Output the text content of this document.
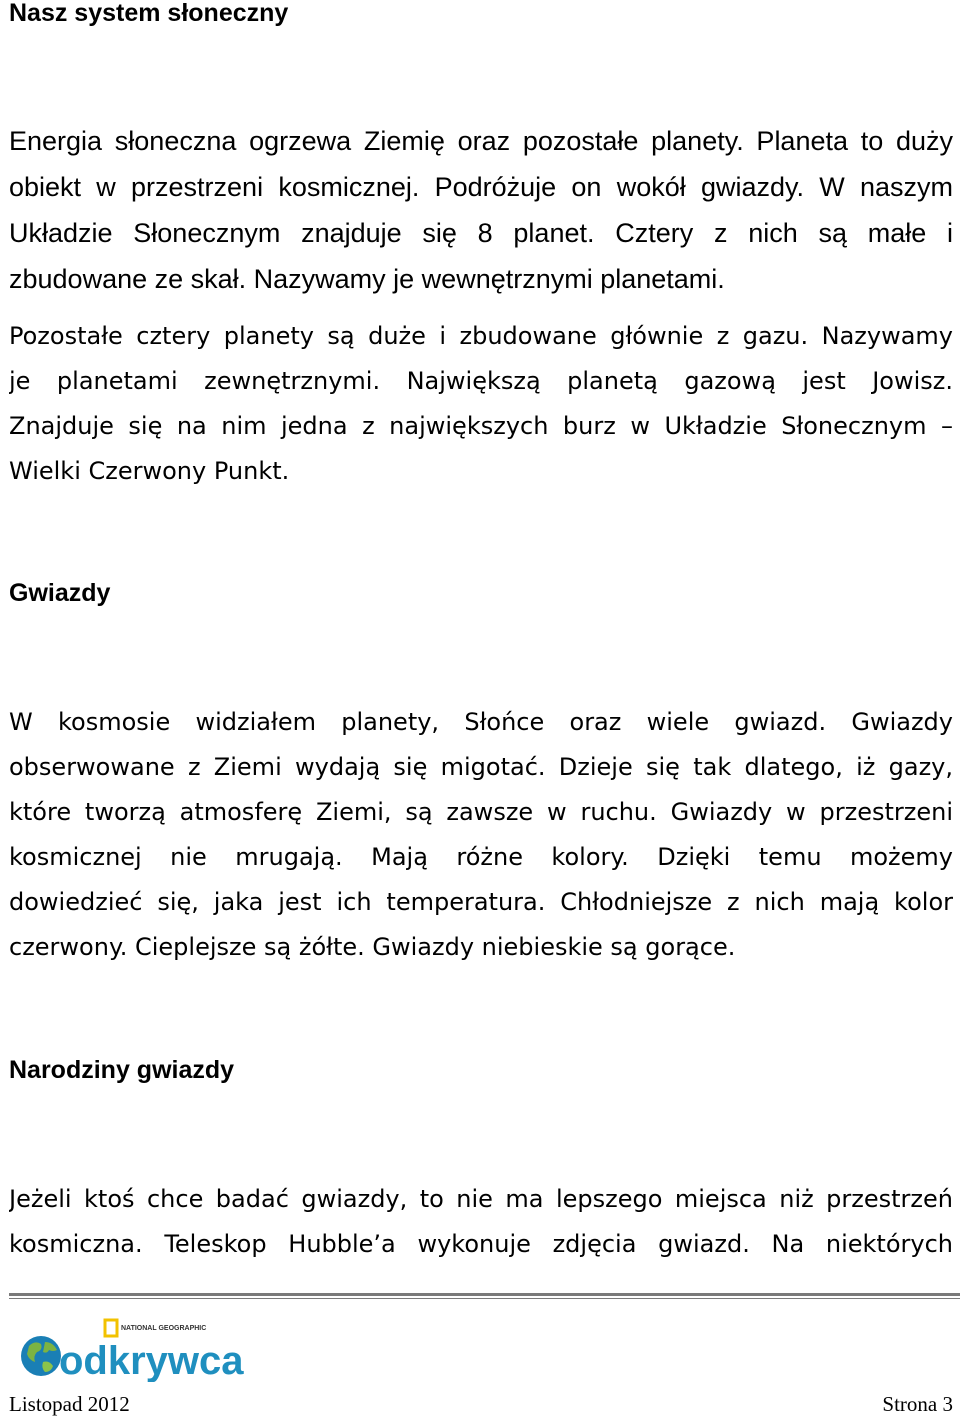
Nasz system słoneczny
Energia słoneczna ogrzewa Ziemię oraz pozostałe planety. Planeta to duży
obiekt w przestrzeni kosmicznej. Podróżuje on wokół gwiazdy. W naszym
Układzie Słonecznym znajduje się 8 planet. Cztery z nich są małe i
zbudowane ze skał. Nazywamy je wewnętrznymi planetami.
Pozostałe cztery planety są duże i zbudowane głównie z gazu. Nazywamy
je planetami zewnętrznymi. Największą planetą gazową jest Jowisz.
Znajduje się na nim jedna z największych burz w Układzie Słonecznym –
Wielki Czerwony Punkt.
Gwiazdy
W kosmosie widziałem planety, Słońce oraz wiele gwiazd. Gwiazdy
obserwowane z Ziemi wydają się migotać. Dzieje się tak dlatego, iż gazy,
które tworzą atmosferę Ziemi, są zawsze w ruchu. Gwiazdy w przestrzeni
kosmicznej nie mrugają. Mają różne kolory. Dzięki temu możemy
dowiedzieć się, jaka jest ich temperatura. Chłodniejsze z nich mają kolor
czerwony. Cieplejsze są żółte. Gwiazdy niebieskie są gorące.
Narodziny gwiazdy
Jeżeli ktoś chce badać gwiazdy, to nie ma lepszego miejsca niż przestrzeń
kosmiczna. Teleskop Hubble’a wykonuje zdjęcia gwiazd. Na niektórych
NATIONAL GEOGRAPHIC
odkrywca
Listopad 2012	Strona 3
